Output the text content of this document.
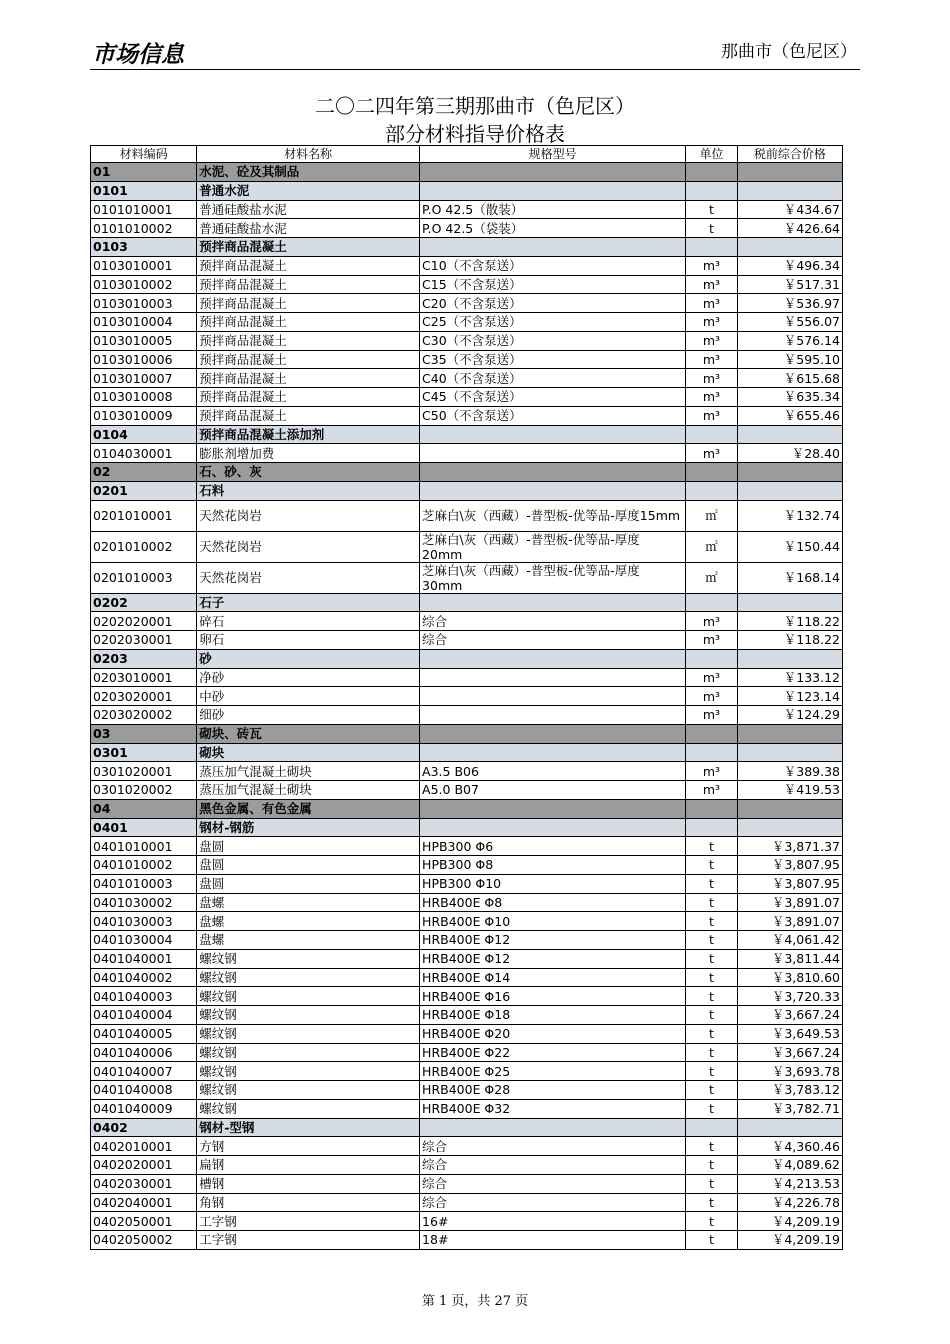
市场信息	那曲市（色尼区）
二〇二四年第三期那曲市（色尼区）
部分材料指导价格表
材料编码	材料名称	规格型号	单位	税前综合价格
01	水泥、砼及其制品			
0101	普通水泥			
0101010001	普通硅酸盐水泥	P.O 42.5（散装）	t	￥434.67
0101010002	普通硅酸盐水泥	P.O 42.5（袋装）	t	￥426.64
0103	预拌商品混凝土			
0103010001	预拌商品混凝土	C10（不含泵送）	m³	￥496.34
0103010002	预拌商品混凝土	C15（不含泵送）	m³	￥517.31
0103010003	预拌商品混凝土	C20（不含泵送）	m³	￥536.97
0103010004	预拌商品混凝土	C25（不含泵送）	m³	￥556.07
0103010005	预拌商品混凝土	C30（不含泵送）	m³	￥576.14
0103010006	预拌商品混凝土	C35（不含泵送）	m³	￥595.10
0103010007	预拌商品混凝土	C40（不含泵送）	m³	￥615.68
0103010008	预拌商品混凝土	C45（不含泵送）	m³	￥635.34
0103010009	预拌商品混凝土	C50（不含泵送）	m³	￥655.46
0104	预拌商品混凝土添加剂			
0104030001	膨胀剂增加费		m³	￥28.40
02	石、砂、灰			
0201	石料			
0201010001	天然花岗岩	芝麻白\灰（西藏）-普型板-优等品-厚度15mm	㎡	￥132.74
0201010002	天然花岗岩	芝麻白\灰（西藏）-普型板-优等品-厚度 20mm	㎡	￥150.44
0201010003	天然花岗岩	芝麻白\灰（西藏）-普型板-优等品-厚度 30mm	㎡	￥168.14
0202	石子			
0202020001	碎石	综合	m³	￥118.22
0202030001	卵石	综合	m³	￥118.22
0203	砂			
0203010001	净砂		m³	￥133.12
0203020001	中砂		m³	￥123.14
0203020002	细砂		m³	￥124.29
03	砌块、砖瓦			
0301	砌块			
0301020001	蒸压加气混凝土砌块	A3.5 B06	m³	￥389.38
0301020002	蒸压加气混凝土砌块	A5.0 B07	m³	￥419.53
04	黑色金属、有色金属			
0401	钢材-钢筋			
0401010001	盘圆	HPB300 Φ6	t	￥3,871.37
0401010002	盘圆	HPB300 Φ8	t	￥3,807.95
0401010003	盘圆	HPB300 Φ10	t	￥3,807.95
0401030002	盘螺	HRB400E Φ8	t	￥3,891.07
0401030003	盘螺	HRB400E Φ10	t	￥3,891.07
0401030004	盘螺	HRB400E Φ12	t	￥4,061.42
0401040001	螺纹钢	HRB400E Φ12	t	￥3,811.44
0401040002	螺纹钢	HRB400E Φ14	t	￥3,810.60
0401040003	螺纹钢	HRB400E Φ16	t	￥3,720.33
0401040004	螺纹钢	HRB400E Φ18	t	￥3,667.24
0401040005	螺纹钢	HRB400E Φ20	t	￥3,649.53
0401040006	螺纹钢	HRB400E Φ22	t	￥3,667.24
0401040007	螺纹钢	HRB400E Φ25	t	￥3,693.78
0401040008	螺纹钢	HRB400E Φ28	t	￥3,783.12
0401040009	螺纹钢	HRB400E Φ32	t	￥3,782.71
0402	钢材-型钢			
0402010001	方钢	综合	t	￥4,360.46
0402020001	扁钢	综合	t	￥4,089.62
0402030001	槽钢	综合	t	￥4,213.53
0402040001	角钢	综合	t	￥4,226.78
0402050001	工字钢	16#	t	￥4,209.19
0402050002	工字钢	18#	t	￥4,209.19
第 1 页，共 27 页
